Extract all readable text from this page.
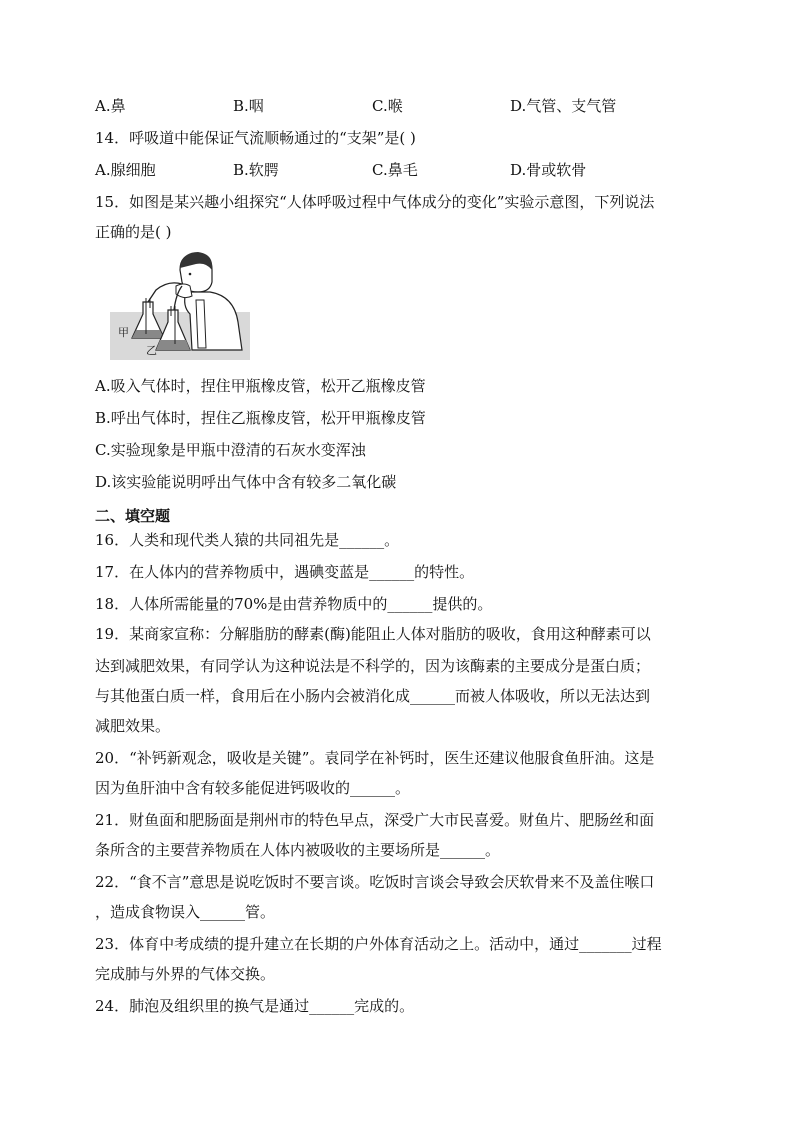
A.鼻	B.咽	C.喉	D.气管、支气管
14．呼吸道中能保证气流顺畅通过的“支架”是( )
A.腺细胞	B.软腭	C.鼻毛	D.骨或软骨
15．如图是某兴趣小组探究“人体呼吸过程中气体成分的变化”实验示意图，下列说法
正确的是( )
甲
乙
A.吸入气体时，捏住甲瓶橡皮管，松开乙瓶橡皮管
B.呼出气体时，捏住乙瓶橡皮管，松开甲瓶橡皮管
C.实验现象是甲瓶中澄清的石灰水变浑浊
D.该实验能说明呼出气体中含有较多二氧化碳
二、填空题
16．人类和现代类人猿的共同祖先是______。
17．在人体内的营养物质中，遇碘变蓝是______的特性。
18．人体所需能量的70%是由营养物质中的______提供的。
19．某商家宣称：分解脂肪的酵素(酶)能阻止人体对脂肪的吸收，食用这种酵素可以
达到减肥效果，有同学认为这种说法是不科学的，因为该酶素的主要成分是蛋白质；
与其他蛋白质一样，食用后在小肠内会被消化成______而被人体吸收，所以无法达到
减肥效果。
20．“补钙新观念，吸收是关键”。袁同学在补钙时，医生还建议他服食鱼肝油。这是
因为鱼肝油中含有较多能促进钙吸收的______。
21．财鱼面和肥肠面是荆州市的特色早点，深受广大市民喜爱。财鱼片、肥肠丝和面
条所含的主要营养物质在人体内被吸收的主要场所是______。
22．“食不言”意思是说吃饭时不要言谈。吃饭时言谈会导致会厌软骨来不及盖住喉口
，造成食物误入______管。
23．体育中考成绩的提升建立在长期的户外体育活动之上。活动中，通过_______过程
完成肺与外界的气体交换。
24．肺泡及组织里的换气是通过______完成的。
